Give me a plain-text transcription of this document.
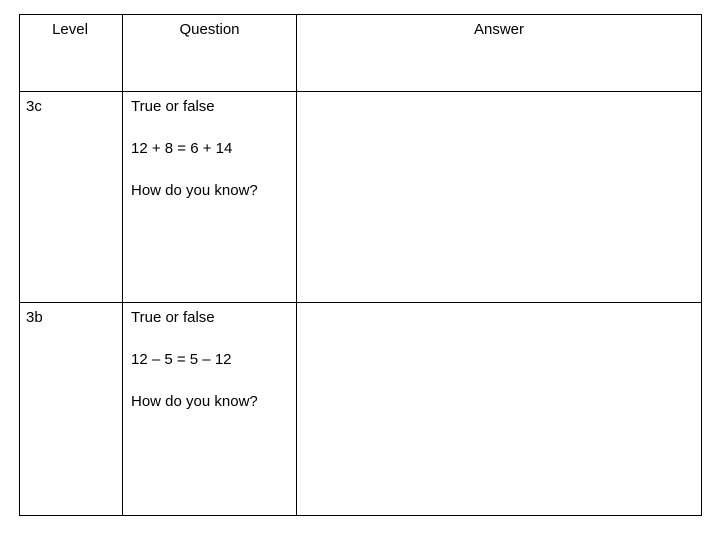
Level	Question	Answer
3c	True or false

12 + 8 = 6 + 14

How do you know?	

3b	True or false

12 – 5 = 5 – 12

How do you know?	
